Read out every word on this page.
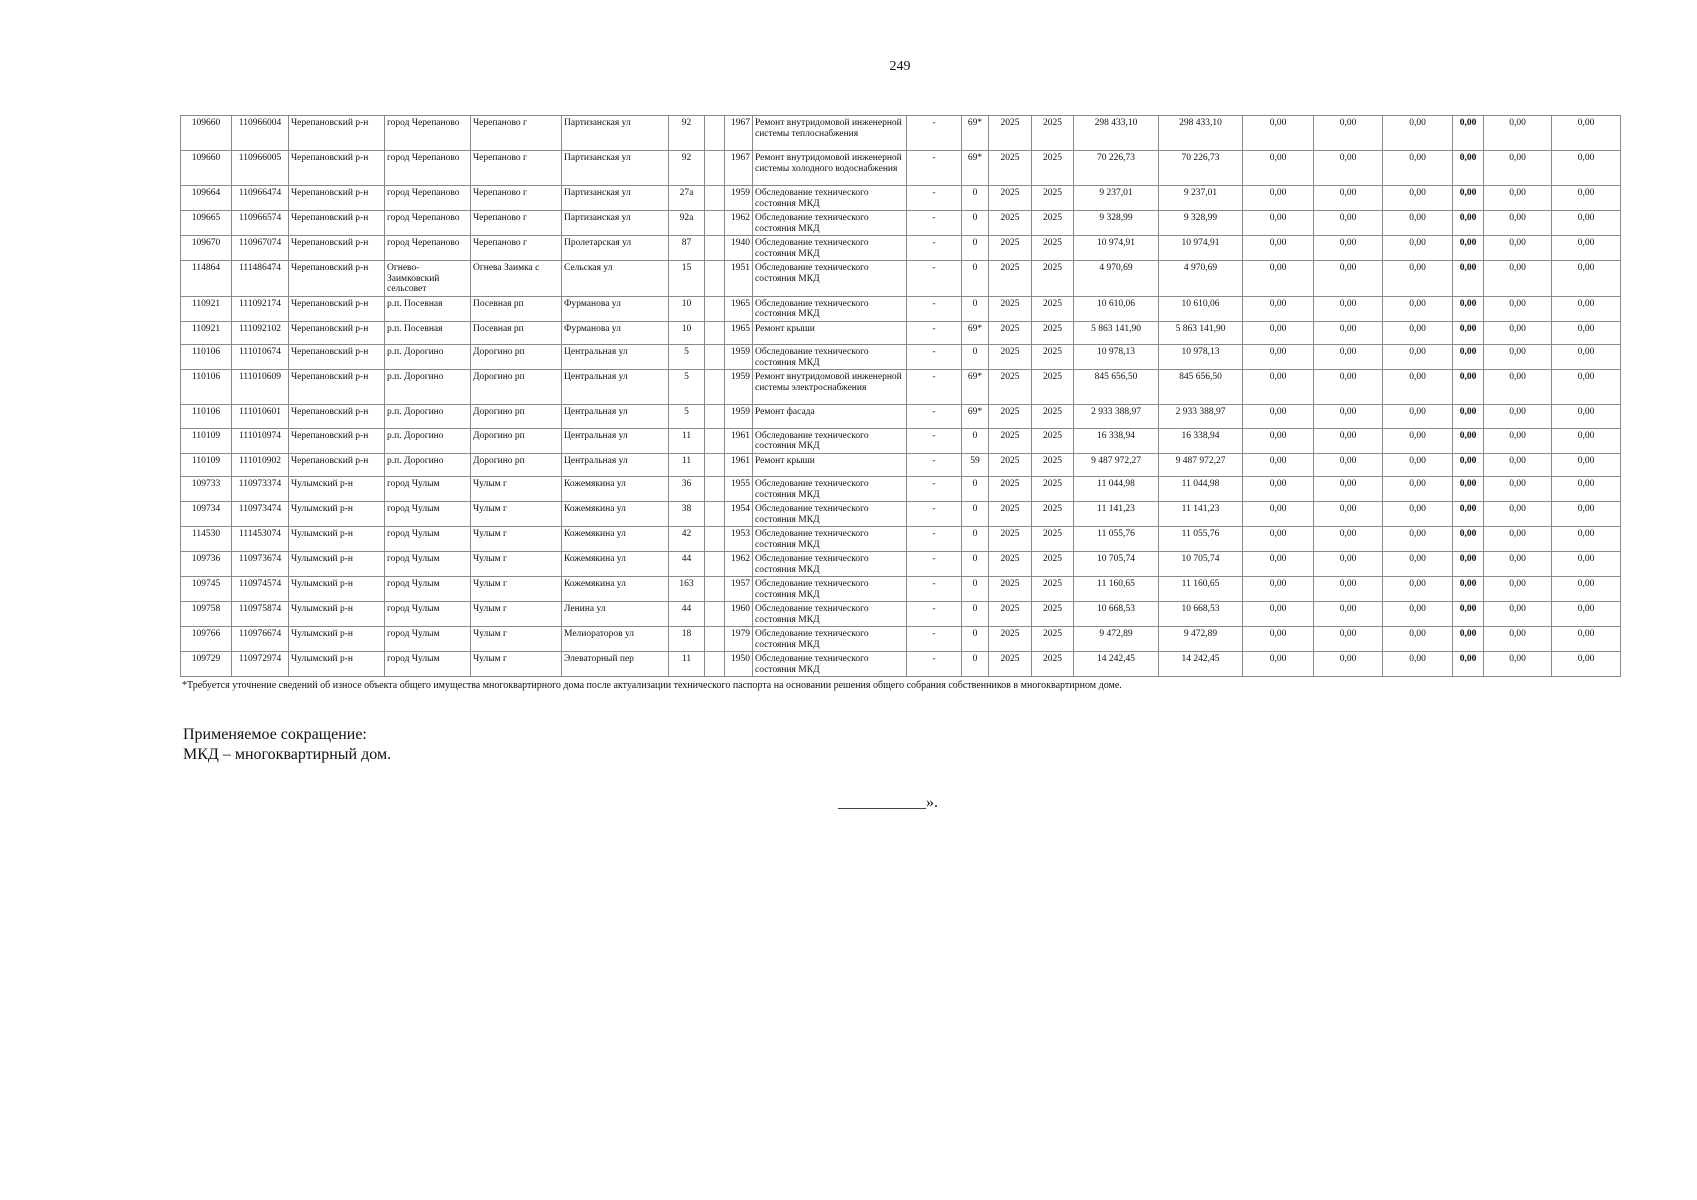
249
109660	110966004	Черепановский р-н	город Черепаново	Черепаново г	Партизанская ул	92		1967	Ремонт внутридомовой инженерной системы теплоснабжения	-	69*	2025	2025	298 433,10	298 433,10	0,00	0,00	0,00	0,00	0,00	0,00
109660	110966005	Черепановский р-н	город Черепаново	Черепаново г	Партизанская ул	92		1967	Ремонт внутридомовой инженерной системы холодного водоснабжения	-	69*	2025	2025	70 226,73	70 226,73	0,00	0,00	0,00	0,00	0,00	0,00
109664	110966474	Черепановский р-н	город Черепаново	Черепаново г	Партизанская ул	27а		1959	Обследование технического состояния МКД	-	0	2025	2025	9 237,01	9 237,01	0,00	0,00	0,00	0,00	0,00	0,00
109665	110966574	Черепановский р-н	город Черепаново	Черепаново г	Партизанская ул	92а		1962	Обследование технического состояния МКД	-	0	2025	2025	9 328,99	9 328,99	0,00	0,00	0,00	0,00	0,00	0,00
109670	110967074	Черепановский р-н	город Черепаново	Черепаново г	Пролетарская ул	87		1940	Обследование технического состояния МКД	-	0	2025	2025	10 974,91	10 974,91	0,00	0,00	0,00	0,00	0,00	0,00
114864	111486474	Черепановский р-н	Огнево-Заимковский сельсовет	Огнева Заимка с	Сельская ул	15		1951	Обследование технического состояния МКД	-	0	2025	2025	4 970,69	4 970,69	0,00	0,00	0,00	0,00	0,00	0,00
110921	111092174	Черепановский р-н	р.п. Посевная	Посевная рп	Фурманова ул	10		1965	Обследование технического состояния МКД	-	0	2025	2025	10 610,06	10 610,06	0,00	0,00	0,00	0,00	0,00	0,00
110921	111092102	Черепановский р-н	р.п. Посевная	Посевная рп	Фурманова ул	10		1965	Ремонт крыши	-	69*	2025	2025	5 863 141,90	5 863 141,90	0,00	0,00	0,00	0,00	0,00	0,00
110106	111010674	Черепановский р-н	р.п. Дорогино	Дорогино рп	Центральная ул	5		1959	Обследование технического состояния МКД	-	0	2025	2025	10 978,13	10 978,13	0,00	0,00	0,00	0,00	0,00	0,00
110106	111010609	Черепановский р-н	р.п. Дорогино	Дорогино рп	Центральная ул	5		1959	Ремонт внутридомовой инженерной системы электроснабжения	-	69*	2025	2025	845 656,50	845 656,50	0,00	0,00	0,00	0,00	0,00	0,00
110106	111010601	Черепановский р-н	р.п. Дорогино	Дорогино рп	Центральная ул	5		1959	Ремонт фасада	-	69*	2025	2025	2 933 388,97	2 933 388,97	0,00	0,00	0,00	0,00	0,00	0,00
110109	111010974	Черепановский р-н	р.п. Дорогино	Дорогино рп	Центральная ул	11		1961	Обследование технического состояния МКД	-	0	2025	2025	16 338,94	16 338,94	0,00	0,00	0,00	0,00	0,00	0,00
110109	111010902	Черепановский р-н	р.п. Дорогино	Дорогино рп	Центральная ул	11		1961	Ремонт крыши	-	59	2025	2025	9 487 972,27	9 487 972,27	0,00	0,00	0,00	0,00	0,00	0,00
109733	110973374	Чулымский р-н	город Чулым	Чулым г	Кожемякина ул	36		1955	Обследование технического состояния МКД	-	0	2025	2025	11 044,98	11 044,98	0,00	0,00	0,00	0,00	0,00	0,00
109734	110973474	Чулымский р-н	город Чулым	Чулым г	Кожемякина ул	38		1954	Обследование технического состояния МКД	-	0	2025	2025	11 141,23	11 141,23	0,00	0,00	0,00	0,00	0,00	0,00
114530	111453074	Чулымский р-н	город Чулым	Чулым г	Кожемякина ул	42		1953	Обследование технического состояния МКД	-	0	2025	2025	11 055,76	11 055,76	0,00	0,00	0,00	0,00	0,00	0,00
109736	110973674	Чулымский р-н	город Чулым	Чулым г	Кожемякина ул	44		1962	Обследование технического состояния МКД	-	0	2025	2025	10 705,74	10 705,74	0,00	0,00	0,00	0,00	0,00	0,00
109745	110974574	Чулымский р-н	город Чулым	Чулым г	Кожемякина ул	163		1957	Обследование технического состояния МКД	-	0	2025	2025	11 160,65	11 160,65	0,00	0,00	0,00	0,00	0,00	0,00
109758	110975874	Чулымский р-н	город Чулым	Чулым г	Ленина ул	44		1960	Обследование технического состояния МКД	-	0	2025	2025	10 668,53	10 668,53	0,00	0,00	0,00	0,00	0,00	0,00
109766	110976674	Чулымский р-н	город Чулым	Чулым г	Мелиораторов ул	18		1979	Обследование технического состояния МКД	-	0	2025	2025	9 472,89	9 472,89	0,00	0,00	0,00	0,00	0,00	0,00
109729	110972974	Чулымский р-н	город Чулым	Чулым г	Элеваторный пер	11		1950	Обследование технического состояния МКД	-	0	2025	2025	14 242,45	14 242,45	0,00	0,00	0,00	0,00	0,00	0,00
*Требуется уточнение сведений об износе объекта общего имущества многоквартирного дома после актуализации технического паспорта на основании решения общего собрания собственников в многоквартирном доме.
Применяемое сокращение:
МКД – многоквартирный дом.
___________».
